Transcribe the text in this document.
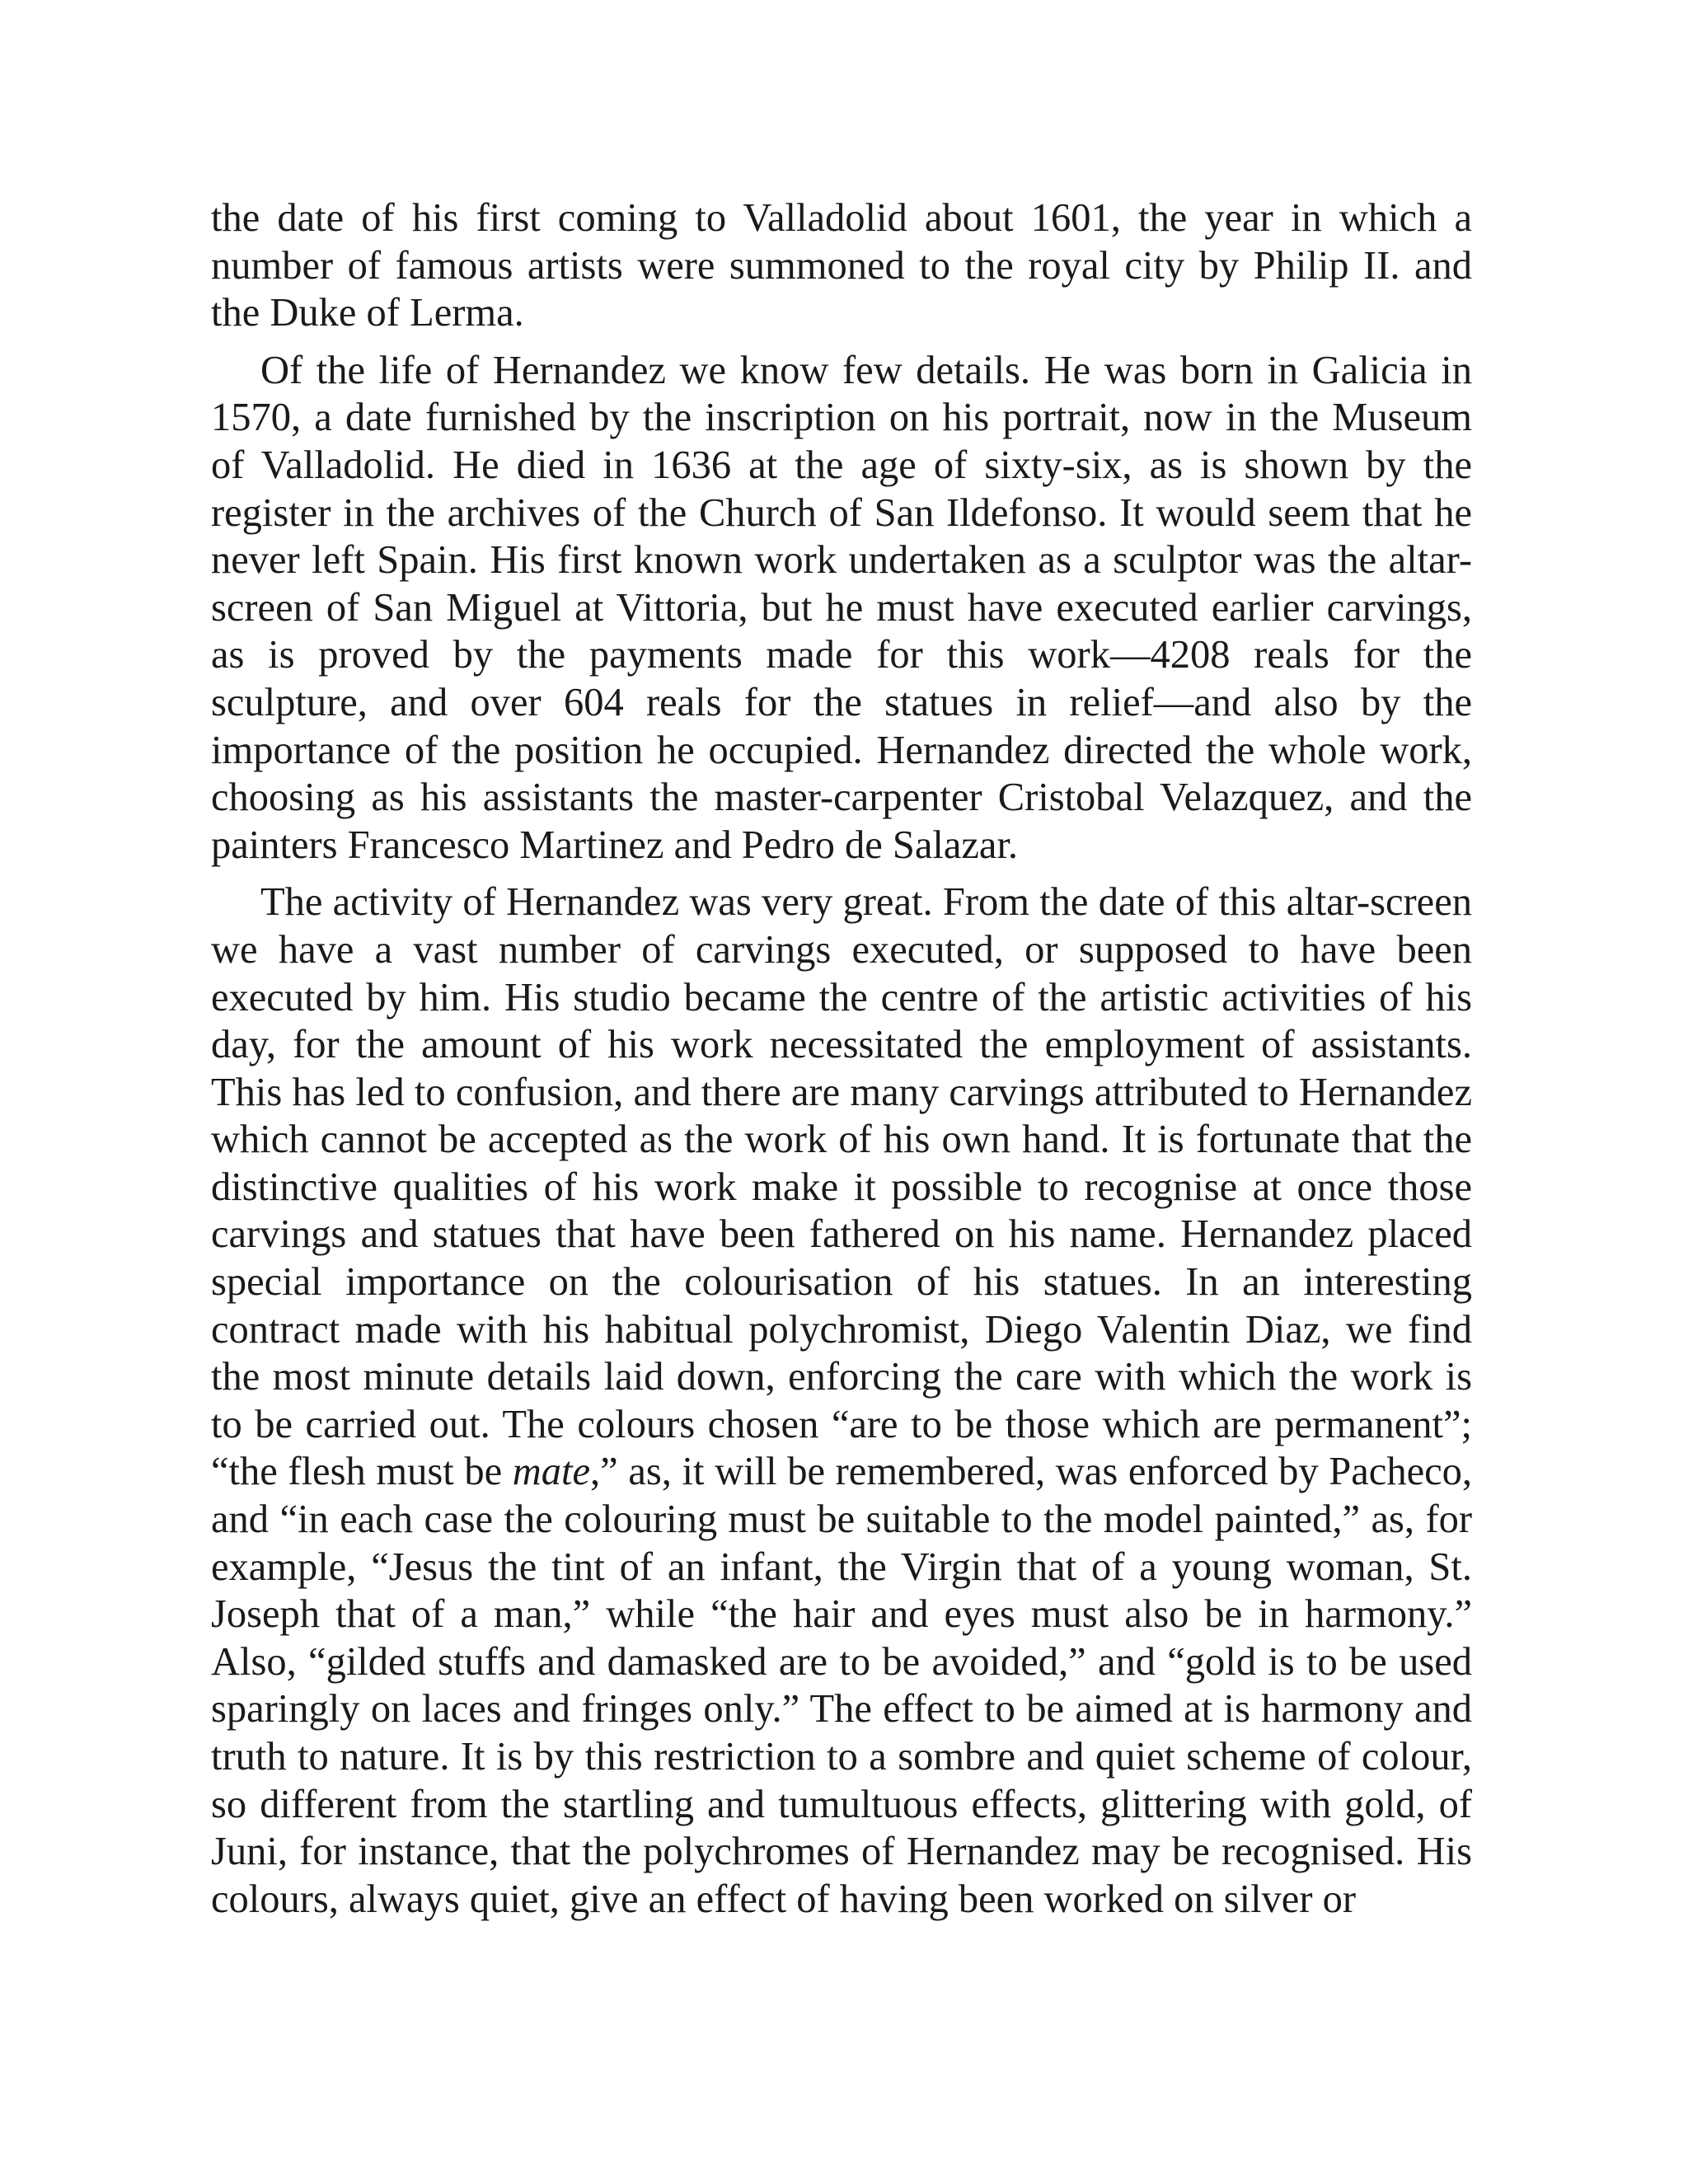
the date of his first coming to Valladolid about 1601, the year in which a number of famous artists were summoned to the royal city by Philip II. and the Duke of Lerma.

Of the life of Hernandez we know few details. He was born in Galicia in 1570, a date furnished by the inscription on his portrait, now in the Museum of Valladolid. He died in 1636 at the age of sixty-six, as is shown by the register in the archives of the Church of San Ildefonso. It would seem that he never left Spain. His first known work undertaken as a sculptor was the altar-screen of San Miguel at Vittoria, but he must have executed earlier carvings, as is proved by the payments made for this work—4208 reals for the sculpture, and over 604 reals for the statues in relief—and also by the importance of the position he occupied. Hernandez directed the whole work, choosing as his assistants the master-carpenter Cristobal Velazquez, and the painters Francesco Martinez and Pedro de Salazar.

The activity of Hernandez was very great. From the date of this altar-screen we have a vast number of carvings executed, or supposed to have been executed by him. His studio became the centre of the artistic activities of his day, for the amount of his work necessitated the employment of assistants. This has led to confusion, and there are many carvings attributed to Hernandez which cannot be accepted as the work of his own hand. It is fortunate that the distinctive qualities of his work make it possible to recognise at once those carvings and statues that have been fathered on his name. Hernandez placed special importance on the colourisation of his statues. In an interesting contract made with his habitual polychromist, Diego Valentin Diaz, we find the most minute details laid down, enforcing the care with which the work is to be carried out. The colours chosen “are to be those which are permanent”; “the flesh must be mate,” as, it will be remembered, was enforced by Pacheco, and “in each case the colouring must be suitable to the model painted,” as, for example, “Jesus the tint of an infant, the Virgin that of a young woman, St. Joseph that of a man,” while “the hair and eyes must also be in harmony.” Also, “gilded stuffs and damasked are to be avoided,” and “gold is to be used sparingly on laces and fringes only.” The effect to be aimed at is harmony and truth to nature. It is by this restriction to a sombre and quiet scheme of colour, so different from the startling and tumultuous effects, glittering with gold, of Juni, for instance, that the polychromes of Hernandez may be recognised. His colours, always quiet, give an effect of having been worked on silver or
